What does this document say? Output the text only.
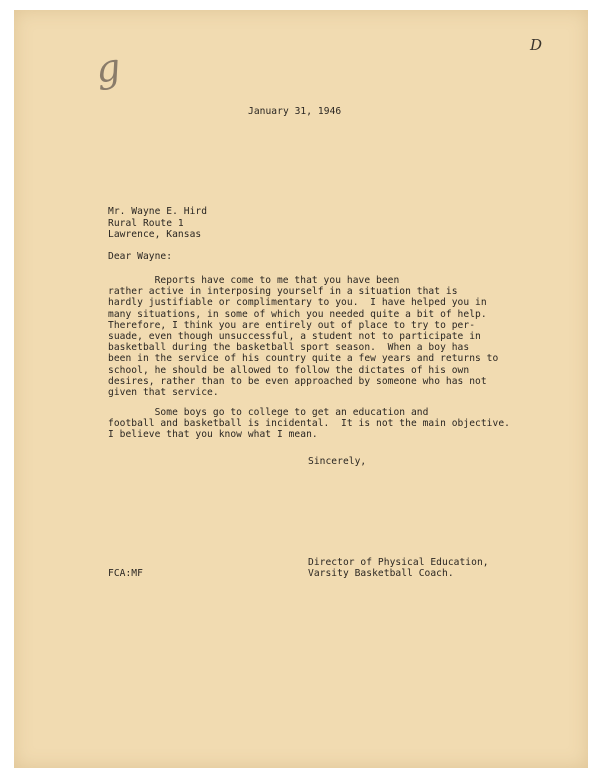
g	D
January 31, 1946
Mr. Wayne E. Hird
Rural Route 1
Lawrence, Kansas
Dear Wayne:
Reports have come to me that you have been
rather active in interposing yourself in a situation that is
hardly justifiable or complimentary to you.  I have helped you in
many situations, in some of which you needed quite a bit of help.
Therefore, I think you are entirely out of place to try to per-
suade, even though unsuccessful, a student not to participate in
basketball during the basketball sport season.  When a boy has
been in the service of his country quite a few years and returns to
school, he should be allowed to follow the dictates of his own
desires, rather than to be even approached by someone who has not
given that service.
Some boys go to college to get an education and
football and basketball is incidental.  It is not the main objective.
I believe that you know what I mean.
Sincerely,
Director of Physical Education,
Varsity Basketball Coach.
FCA:MF
